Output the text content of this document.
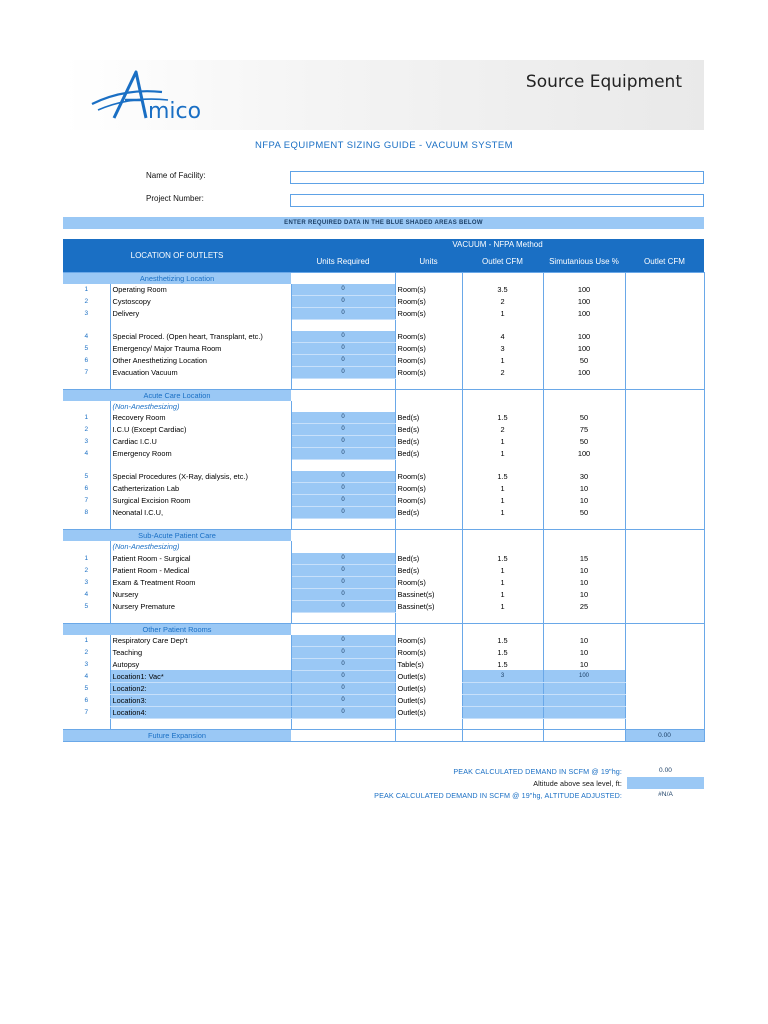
mico
Source Equipment
NFPA EQUIPMENT SIZING GUIDE - VACUUM SYSTEM
Name of Facility:
Project Number:
ENTER REQUIRED DATA IN THE BLUE SHADED AREAS BELOW
LOCATION OF OUTLETS		VACUUM - NFPA Method				
		Units Required	Units	Outlet CFM	Simutanious Use %	Outlet CFM
Anesthetizing Location						
1	Operating Room	0	Room(s)	3.5	100	
2	Cystoscopy	0	Room(s)	2	100	
3	Delivery	0	Room(s)	1	100	

4	Special Proced. (Open heart, Transplant, etc.)	0	Room(s)	4	100	
5	Emergency/ Major Trauma Room	0	Room(s)	3	100	
6	Other Anesthetizing Location	0	Room(s)	1	50	
7	Evacuation Vacuum	0	Room(s)	2	100	

Acute Care Location						
	(Non-Anesthesizing)					
1	Recovery Room	0	Bed(s)	1.5	50	
2	I.C.U (Except Cardiac)	0	Bed(s)	2	75	
3	Cardiac I.C.U	0	Bed(s)	1	50	
4	Emergency Room	0	Bed(s)	1	100	

5	Special Procedures (X-Ray, dialysis, etc.)	0	Room(s)	1.5	30	
6	Catherterization Lab	0	Room(s)	1	10	
7	Surgical Excision Room	0	Room(s)	1	10	
8	Neonatal I.C.U,	0	Bed(s)	1	50	

Sub-Acute Patient Care						
	(Non-Anesthesizing)					
1	Patient Room - Surgical	0	Bed(s)	1.5	15	
2	Patient Room - Medical	0	Bed(s)	1	10	
3	Exam & Treatment Room	0	Room(s)	1	10	
4	Nursery	0	Bassinet(s)	1	10	
5	Nursery Premature	0	Bassinet(s)	1	25	

Other Patient Rooms						
1	Respiratory Care Dep't	0	Room(s)	1.5	10	
2	Teaching	0	Room(s)	1.5	10	
3	Autopsy	0	Table(s)	1.5	10	
4	Location1: Vac*	0	Outlet(s)	3	100	
5	Location2:	0	Outlet(s)			
6	Location3:	0	Outlet(s)			
7	Location4:	0	Outlet(s)			

Future Expansion						0.00
PEAK CALCULATED DEMAND IN SCFM @ 19"hg:	0.00
Altitude above sea level, ft:
PEAK CALCULATED DEMAND IN SCFM @ 19"hg, ALTITUDE ADJUSTED:	#N/A
